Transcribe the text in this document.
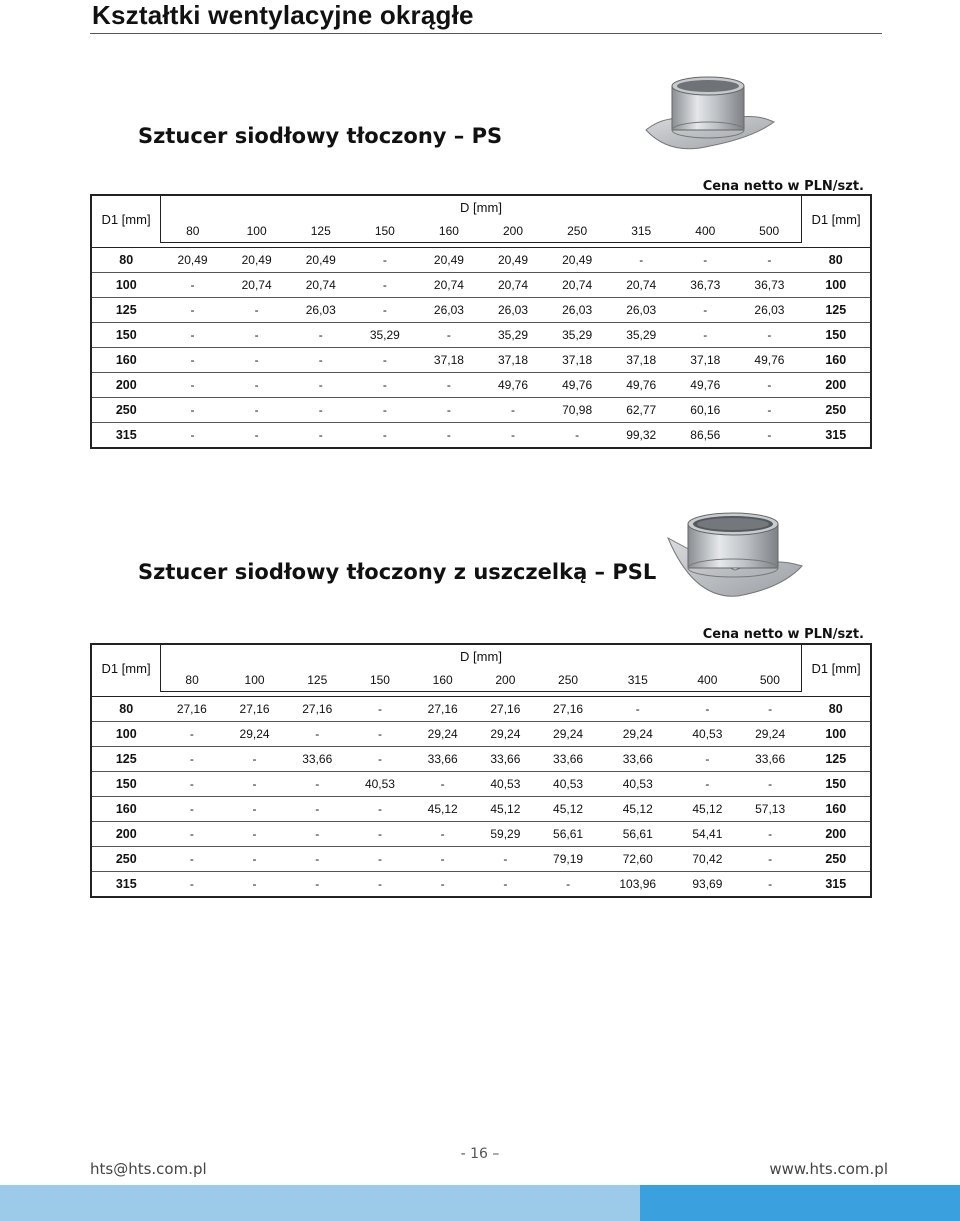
Kształtki wentylacyjne okrągłe
Sztucer siodłowy tłoczony – PS
Cena netto w PLN/szt.
D1 [mm]	D [mm]										D1 [mm]
	80	100	125	150	160	200	250	315	400	500	

80	20,49	20,49	20,49	-	20,49	20,49	20,49	-	-	-	80
100	-	20,74	20,74	-	20,74	20,74	20,74	20,74	36,73	36,73	100
125	-	-	26,03	-	26,03	26,03	26,03	26,03	-	26,03	125
150	-	-	-	35,29	-	35,29	35,29	35,29	-	-	150
160	-	-	-	-	37,18	37,18	37,18	37,18	37,18	49,76	160
200	-	-	-	-	-	49,76	49,76	49,76	49,76	-	200
250	-	-	-	-	-	-	70,98	62,77	60,16	-	250
315	-	-	-	-	-	-	-	99,32	86,56	-	315
Sztucer siodłowy tłoczony z uszczelką – PSL
Cena netto w PLN/szt.
D1 [mm]	D [mm]										D1 [mm]
	80	100	125	150	160	200	250	315	400	500	

80	27,16	27,16	27,16	-	27,16	27,16	27,16	-	-	-	80
100	-	29,24	-	-	29,24	29,24	29,24	29,24	40,53	29,24	100
125	-	-	33,66	-	33,66	33,66	33,66	33,66	-	33,66	125
150	-	-	-	40,53	-	40,53	40,53	40,53	-	-	150
160	-	-	-	-	45,12	45,12	45,12	45,12	45,12	57,13	160
200	-	-	-	-	-	59,29	56,61	56,61	54,41	-	200
250	-	-	-	-	-	-	79,19	72,60	70,42	-	250
315	-	-	-	-	-	-	-	103,96	93,69	-	315
- 16 –
hts@hts.com.pl	www.hts.com.pl
